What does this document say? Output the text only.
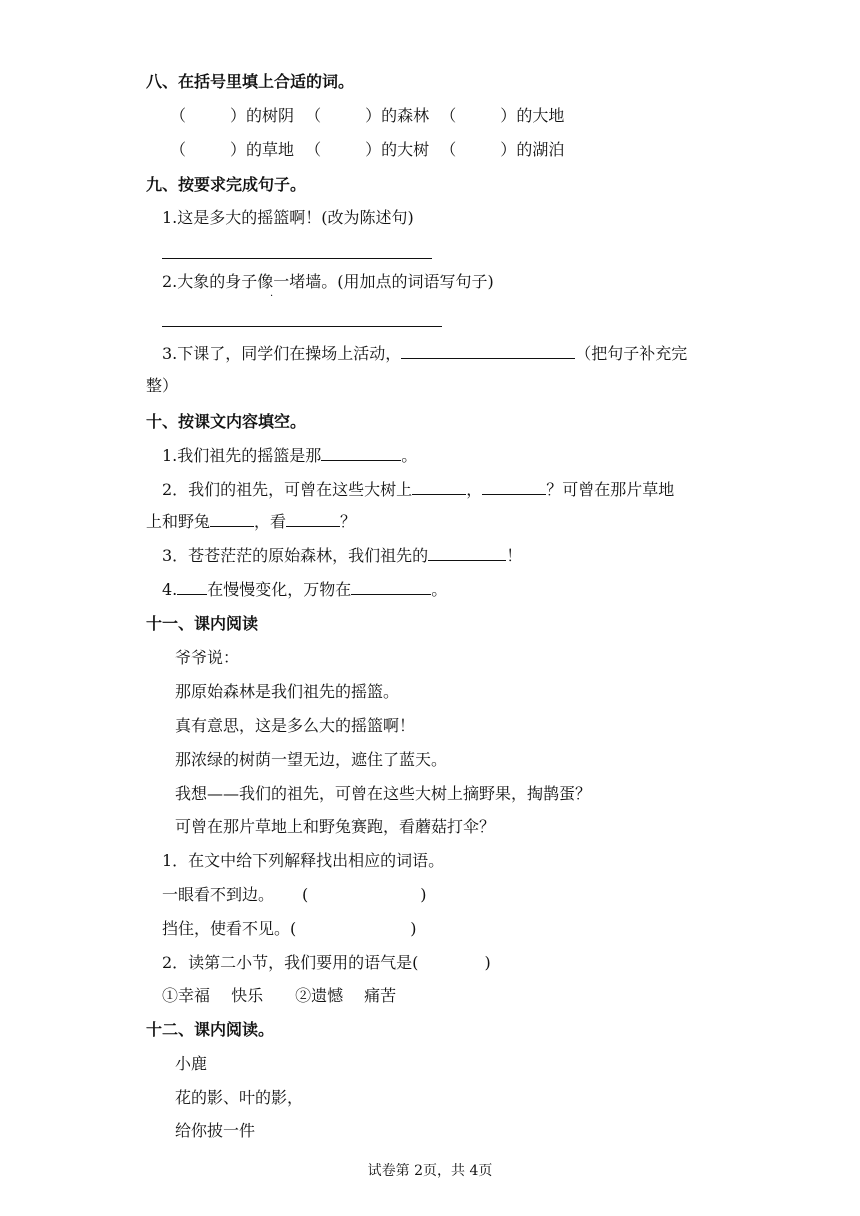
八、在括号里填上合适的词。
（	）的树阴 （	）的森林 （	）的大地
（	）的草地 （	）的大树 （	）的湖泊
九、按要求完成句子。
1.这是多大的摇篮啊！(改为陈述句)
2.大象的身子像一堵墙。(用加点的词语写句子)
·
3.下课了，同学们在操场上活动，	（把句子补充完
整）
十、按课文内容填空。
1.我们祖先的摇篮是那	。
2．我们的祖先，可曾在这些大树上	，	？可曾在那片草地
上和野兔	，看	？
3．苍苍茫茫的原始森林，我们祖先的	！
4. 在慢慢变化，万物在	。
十一、课内阅读
爷爷说：
那原始森林是我们祖先的摇篮。
真有意思，这是多么大的摇篮啊！
那浓绿的树荫一望无边，遮住了蓝天。
我想——我们的祖先，可曾在这些大树上摘野果，掏鹊蛋？
可曾在那片草地上和野兔赛跑，看蘑菇打伞？
1．在文中给下列解释找出相应的词语。
一眼看不到边。 (	)
挡住，使看不见。(	)
2．读第二小节，我们要用的语气是(	)
①幸福　 快乐　　②遗憾　 痛苦
十二、课内阅读。
小鹿
花的影、叶的影，
给你披一件
试卷第 2页，共 4页
